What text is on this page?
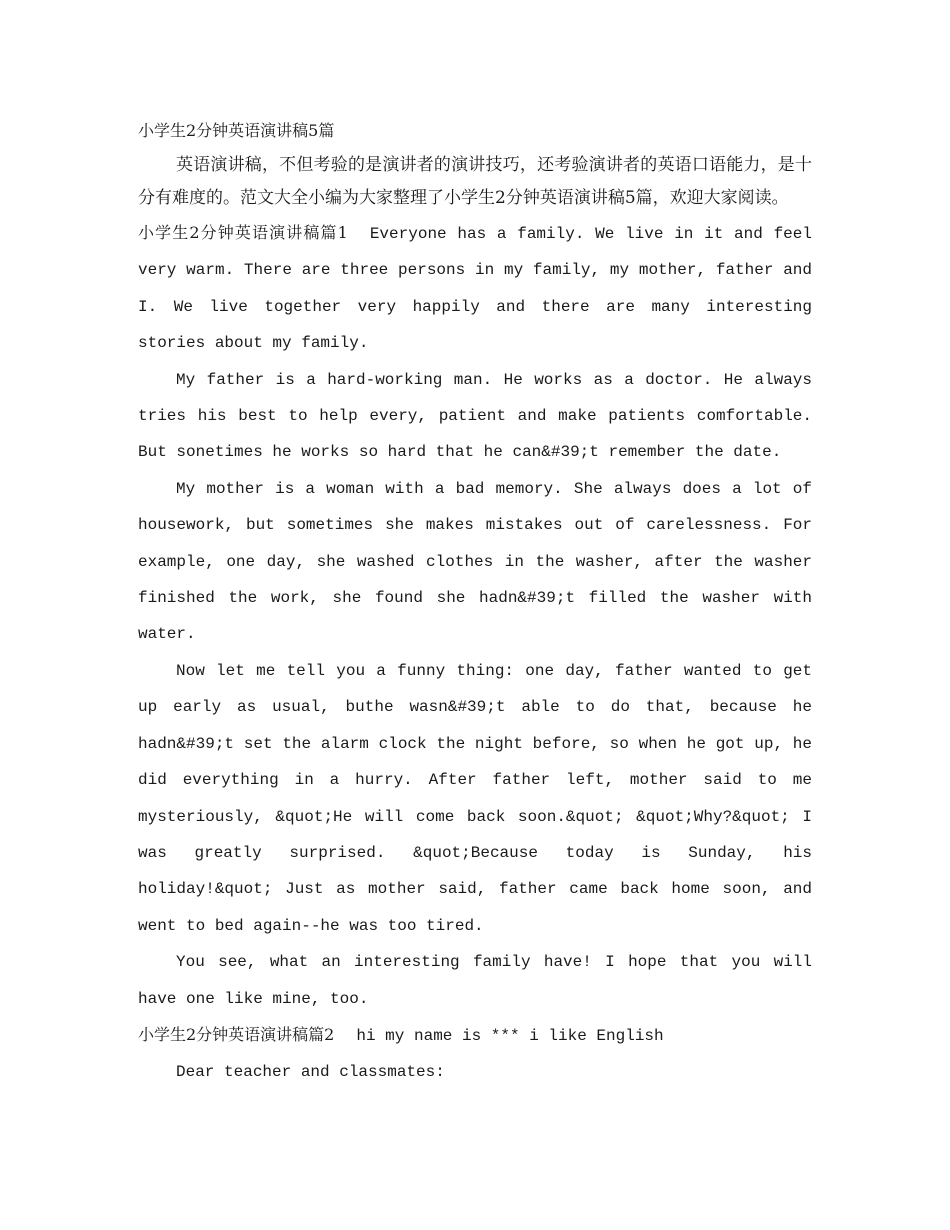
小学生2分钟英语演讲稿5篇

英语演讲稿，不但考验的是演讲者的演讲技巧，还考验演讲者的英语口语能力，是十分有难度的。范文大全小编为大家整理了小学生2分钟英语演讲稿5篇，欢迎大家阅读。

小学生2分钟英语演讲稿篇1 Everyone has a family. We live in it and feel very warm. There are three persons in my family, my mother, father and I. We live together very happily and there are many interesting stories about my family.

My father is a hard-working man. He works as a doctor. He always tries his best to help every, patient and make patients comfortable. But sonetimes he works so hard that he can&#39;t remember the date.

My mother is a woman with a bad memory. She always does a lot of housework, but sometimes she makes mistakes out of carelessness. For example, one day, she washed clothes in the washer, after the washer finished the work, she found she hadn&#39;t filled the washer with water.

Now let me tell you a funny thing: one day, father wanted to get up early as usual, buthe wasn&#39;t able to do that, because he hadn&#39;t set the alarm clock the night before, so when he got up, he did everything in a hurry. After father left, mother said to me mysteriously, &quot;He will come back soon.&quot; &quot;Why?&quot; I was greatly surprised. &quot;Because today is Sunday, his holiday!&quot; Just as mother said, father came back home soon, and went to bed again--he was too tired.

You see, what an interesting family have! I hope that you will have one like mine, too.

小学生2分钟英语演讲稿篇2 hi my name is *** i like English

Dear teacher and classmates:
